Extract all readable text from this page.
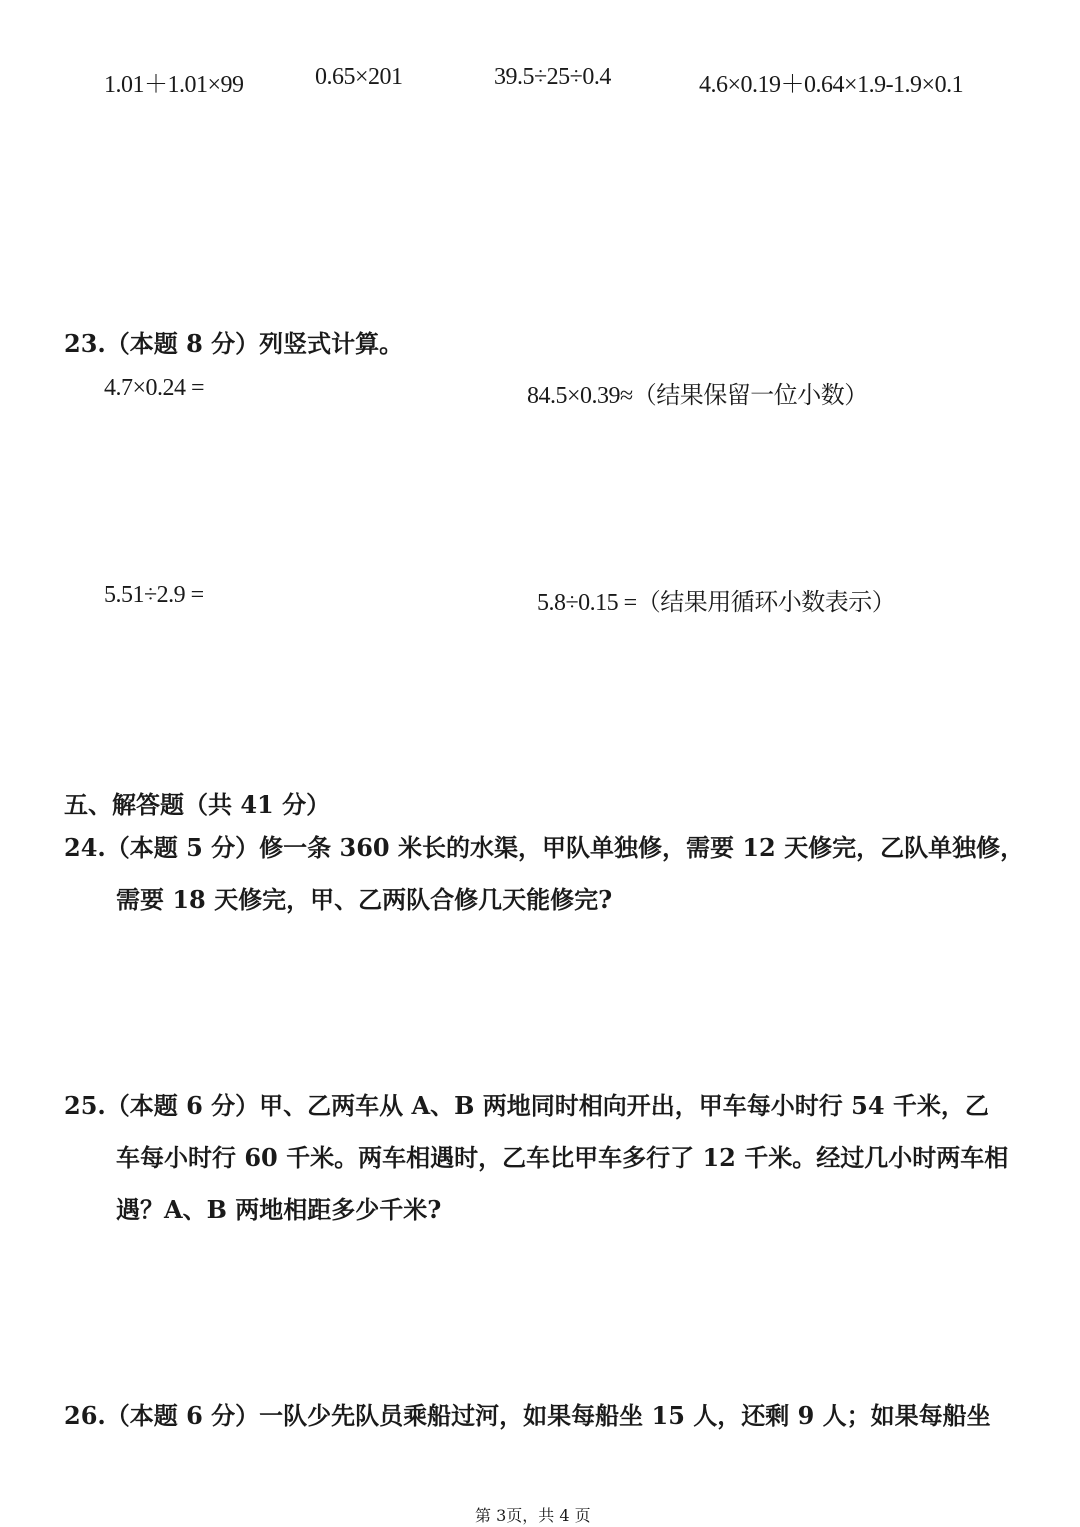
1.01＋1.01×99	0.65×201	39.5÷25÷0.4	4.6×0.19＋0.64×1.9-1.9×0.1
23.（本题 8 分）列竖式计算。
4.7×0.24 =	84.5×0.39≈（结果保留一位小数）
5.51÷2.9 =	5.8÷0.15 =（结果用循环小数表示）
五、解答题（共 41 分）
24.（本题 5 分）修一条 360 米长的水渠，甲队单独修，需要 12 天修完，乙队单独修，
需要 18 天修完，甲、乙两队合修几天能修完?
25.（本题 6 分）甲、乙两车从 A、B 两地同时相向开出，甲车每小时行 54 千米，乙
车每小时行 60 千米。两车相遇时，乙车比甲车多行了 12 千米。经过几小时两车相
遇？A、B 两地相距多少千米?
26.（本题 6 分）一队少先队员乘船过河，如果每船坐 15 人，还剩 9 人；如果每船坐
第 3页，共 4 页
